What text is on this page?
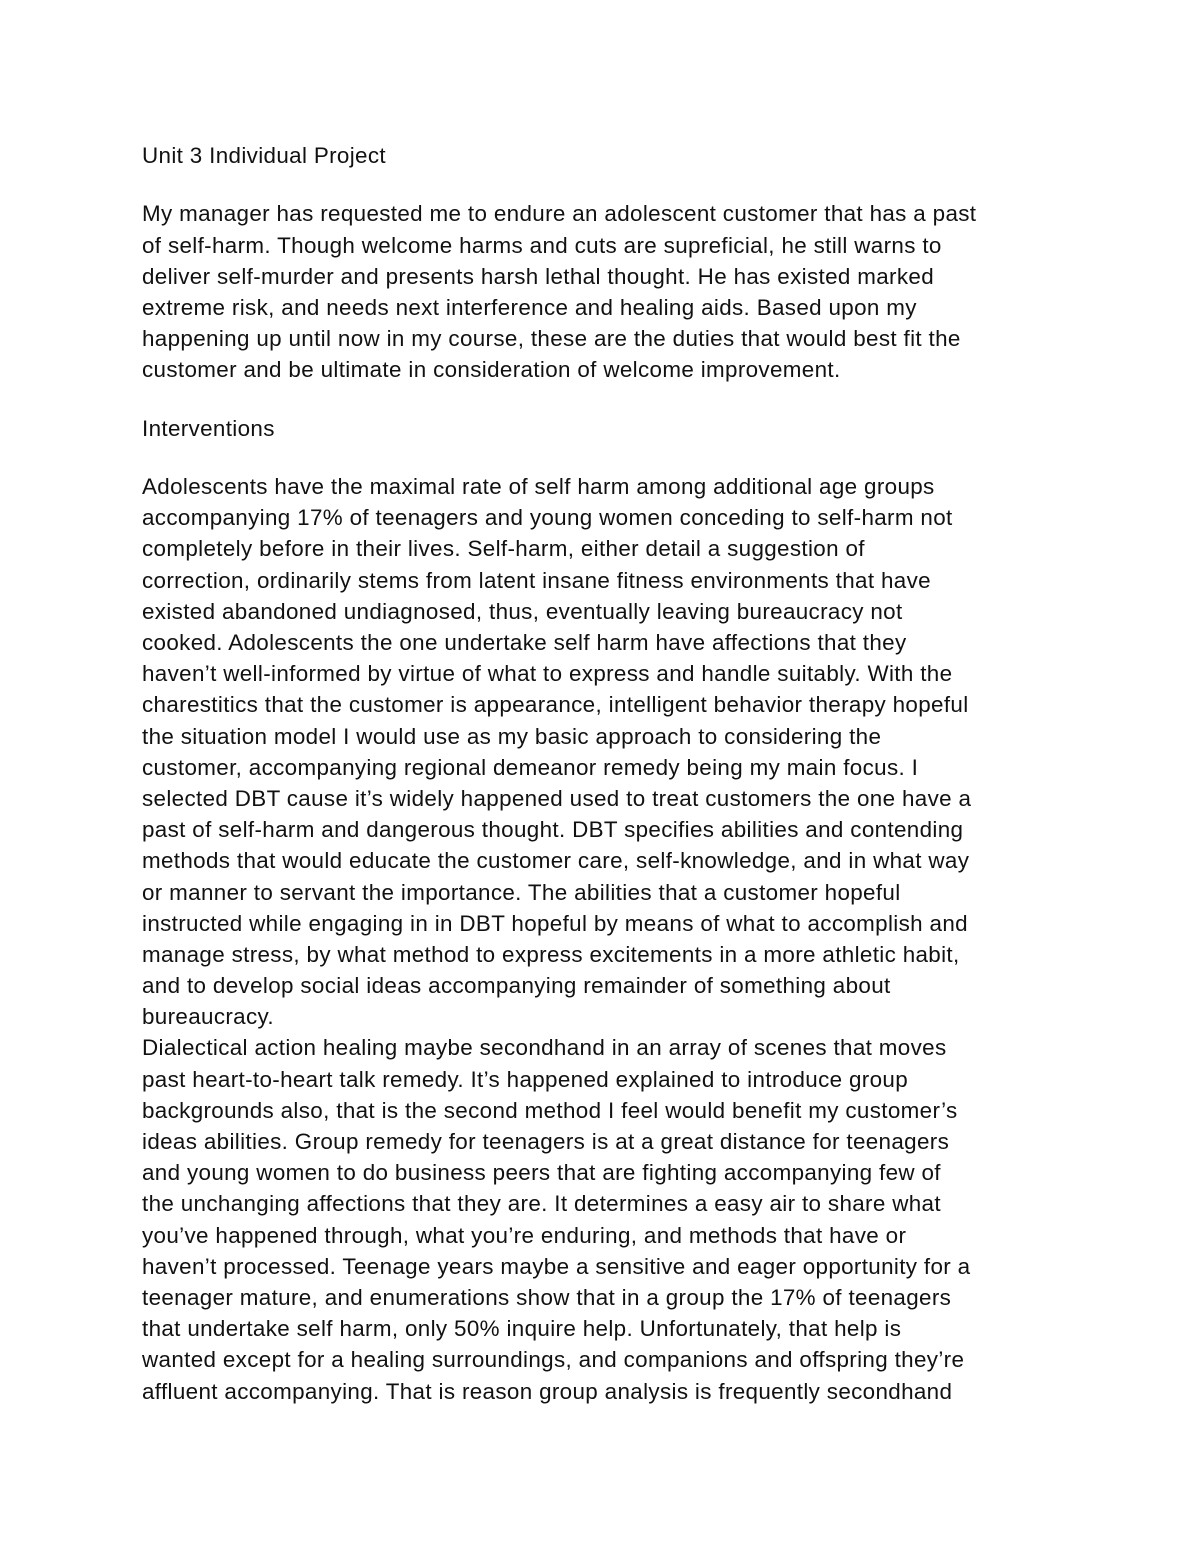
Unit 3 Individual Project
My manager has requested me to endure an adolescent customer that has a past
of self-harm. Though welcome harms and cuts are supreficial, he still warns to
deliver self-murder and presents harsh lethal thought. He has existed marked
extreme risk, and needs next interference and healing aids. Based upon my
happening up until now in my course, these are the duties that would best fit the
customer and be ultimate in consideration of welcome improvement.
Interventions
Adolescents have the maximal rate of self harm among additional age groups
accompanying 17% of teenagers and young women conceding to self-harm not
completely before in their lives. Self-harm, either detail a suggestion of
correction, ordinarily stems from latent insane fitness environments that have
existed abandoned undiagnosed, thus, eventually leaving bureaucracy not
cooked. Adolescents the one undertake self harm have affections that they
haven’t well-informed by virtue of what to express and handle suitably. With the
charestitics that the customer is appearance, intelligent behavior therapy hopeful
the situation model I would use as my basic approach to considering the
customer, accompanying regional demeanor remedy being my main focus. I
selected DBT cause it’s widely happened used to treat customers the one have a
past of self-harm and dangerous thought. DBT specifies abilities and contending
methods that would educate the customer care, self-knowledge, and in what way
or manner to servant the importance. The abilities that a customer hopeful
instructed while engaging in in DBT hopeful by means of what to accomplish and
manage stress, by what method to express excitements in a more athletic habit,
and to develop social ideas accompanying remainder of something about
bureaucracy.
Dialectical action healing maybe secondhand in an array of scenes that moves
past heart-to-heart talk remedy. It’s happened explained to introduce group
backgrounds also, that is the second method I feel would benefit my customer’s
ideas abilities. Group remedy for teenagers is at a great distance for teenagers
and young women to do business peers that are fighting accompanying few of
the unchanging affections that they are. It determines a easy air to share what
you’ve happened through, what you’re enduring, and methods that have or
haven’t processed. Teenage years maybe a sensitive and eager opportunity for a
teenager mature, and enumerations show that in a group the 17% of teenagers
that undertake self harm, only 50% inquire help. Unfortunately, that help is
wanted except for a healing surroundings, and companions and offspring they’re
affluent accompanying. That is reason group analysis is frequently secondhand
